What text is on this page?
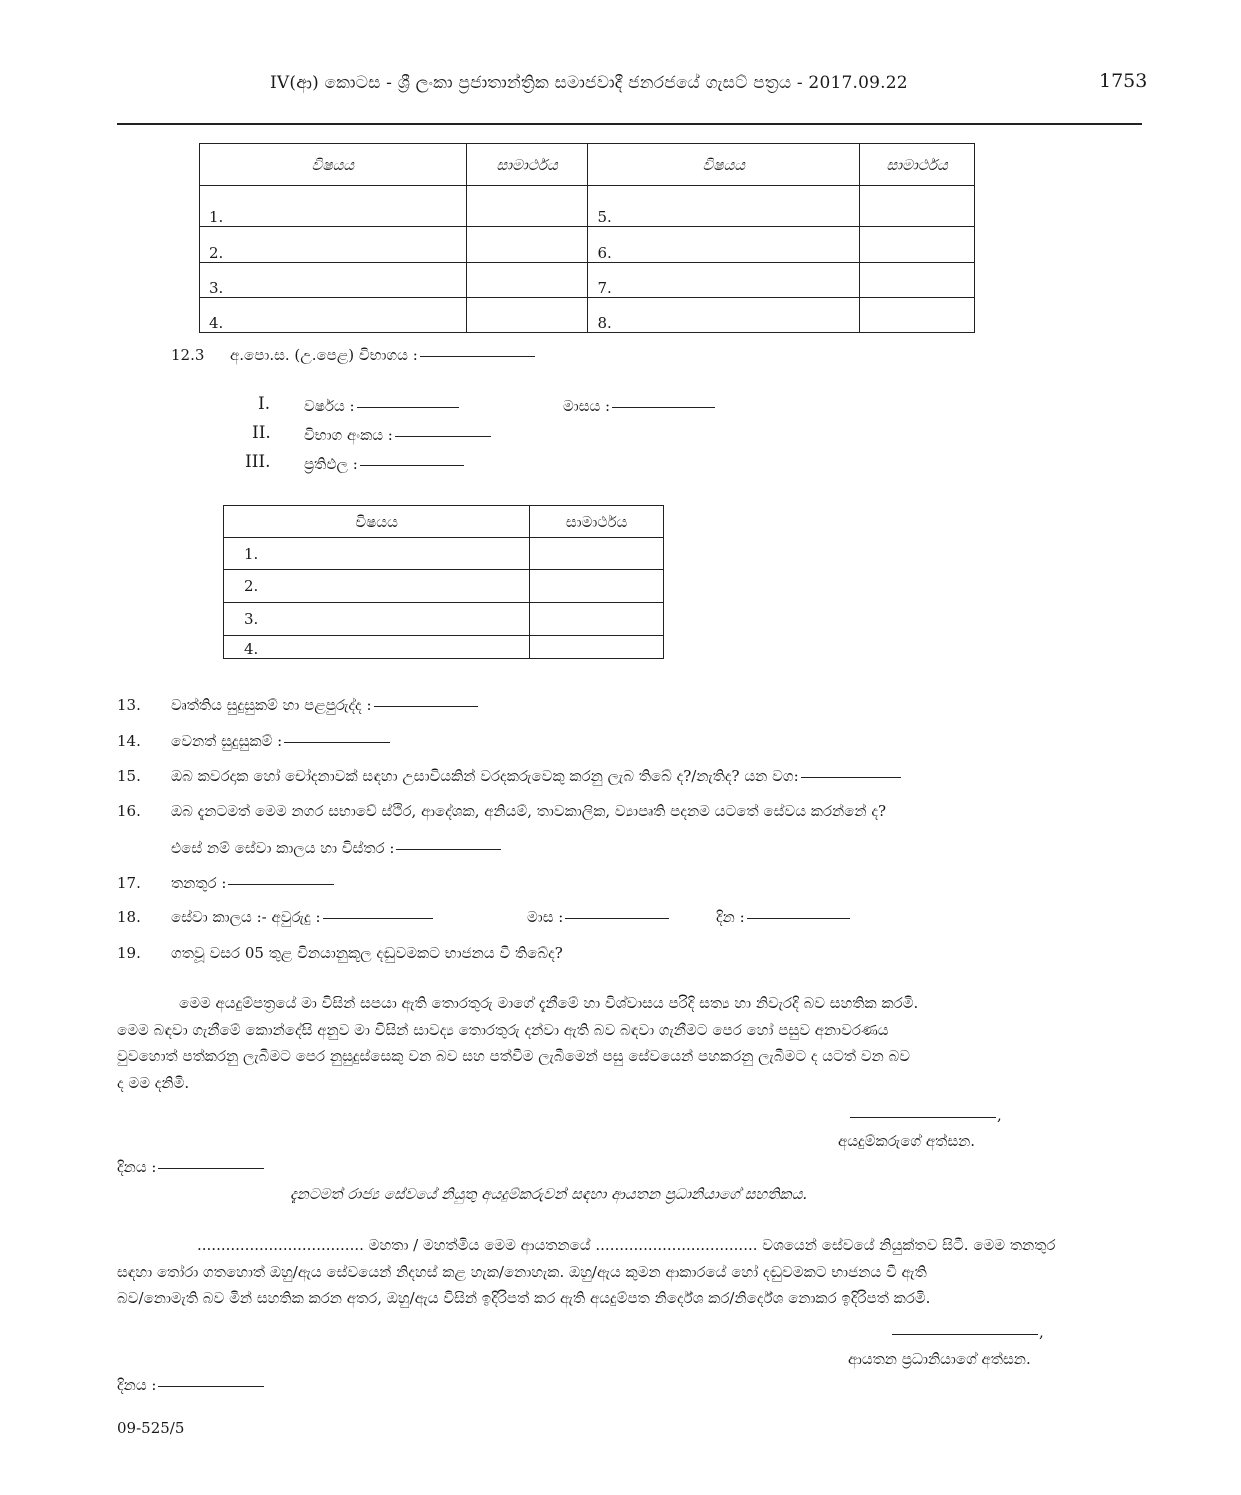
IV(ආ) කොටස - ශ්‍රී ලංකා ප්‍රජාතාන්ත්‍රික සමාජවාදී ජනරජයේ ගැසට් පත්‍රය - 2017.09.22	1753
විෂයය	සාමාර්ථය	විෂයය	සාමාර්ථය
1.		5.	
2.		6.	
3.		7.	
4.		8.	
12.3 අ.පො.ස. (උ.පෙළ) විභාගය :
I. වර්ෂය :	මාසය :
II. විභාග අංකය :
III. ප්‍රතිඵල :
විෂයය	සාමාර්ථය
1.	
2.	
3.	
4.	
13. වෘත්තිය සුදුසුකම් හා පළපුරුද්ද :
14. වෙනත් සුදුසුකම් :
15. ඔබ කවරදාක හෝ චෝදනාවක් සඳහා උසාවියකින් වරදකරුවෙකු කරනු ලැබ තිබේ ද?/නැතිද? යන වග:
16. ඔබ දැනටමත් මෙම නගර සභාවේ ස්ථිර, ආදේශක, අනියම්, තාවකාලික, ව්‍යාපෘති පදනම යටතේ සේවය කරන්නේ ද?
එසේ නම් සේවා කාලය හා විස්තර :
17. තනතුර :
18. සේවා කාලය :- අවුරුදු :	මාස :	දින :
19. ගතවූ වසර 05 තුළ විනයානුකූල දඬුවමකට භාජනය වී තිබේද?
මෙම අයදුම්පත්‍රයේ මා විසින් සපයා ඇති තොරතුරු මාගේ දැනීමේ හා විශ්වාසය පරිදි සත්‍ය හා නිවැරදි බව සහතික කරමි.
මෙම බඳවා ගැනීමේ කොන්දේසි අනුව මා විසින් සාවද්‍ය තොරතුරු දන්වා ඇති බව බඳවා ගැනීමට පෙර හෝ පසුව අනාවරණය
වුවහොත් පත්කරනු ලැබීමට පෙර නුසුදුස්සෙකු වන බව සහ පත්වීම ලැබීමෙන් පසු සේවයෙන් පහකරනු ලැබීමට ද යටත් වන බව
ද මම දනිමි.
,
අයදුම්කරුගේ අත්සන.
දිනය :
දැනටමත් රාජ්‍ය සේවයේ නියුතු අයදුම්කරුවන් සඳහා ආයතන ප්‍රධානියාගේ සහතිකය.
................................... මහතා / මහත්මිය මෙම ආයතනයේ .................................. වශයෙන් සේවයේ නියුක්තව සිටී. මෙම තනතුර
සඳහා තෝරා ගතහොත් ඔහු/ඇය සේවයෙන් නිදහස් කළ හැක/නොහැක. ඔහු/ඇය කුමන ආකාරයේ හෝ දඬුවමකට භාජනය වී ඇති
බව/නොමැති බව මින් සහතික කරන අතර, ඔහු/ඇය විසින් ඉදිරිපත් කර ඇති අයදුම්පත නිර්දේශ කර/නිර්දේශ නොකර ඉදිරිපත් කරමි.
,
ආයතන ප්‍රධානියාගේ අත්සන.
දිනය :
09-525/5
